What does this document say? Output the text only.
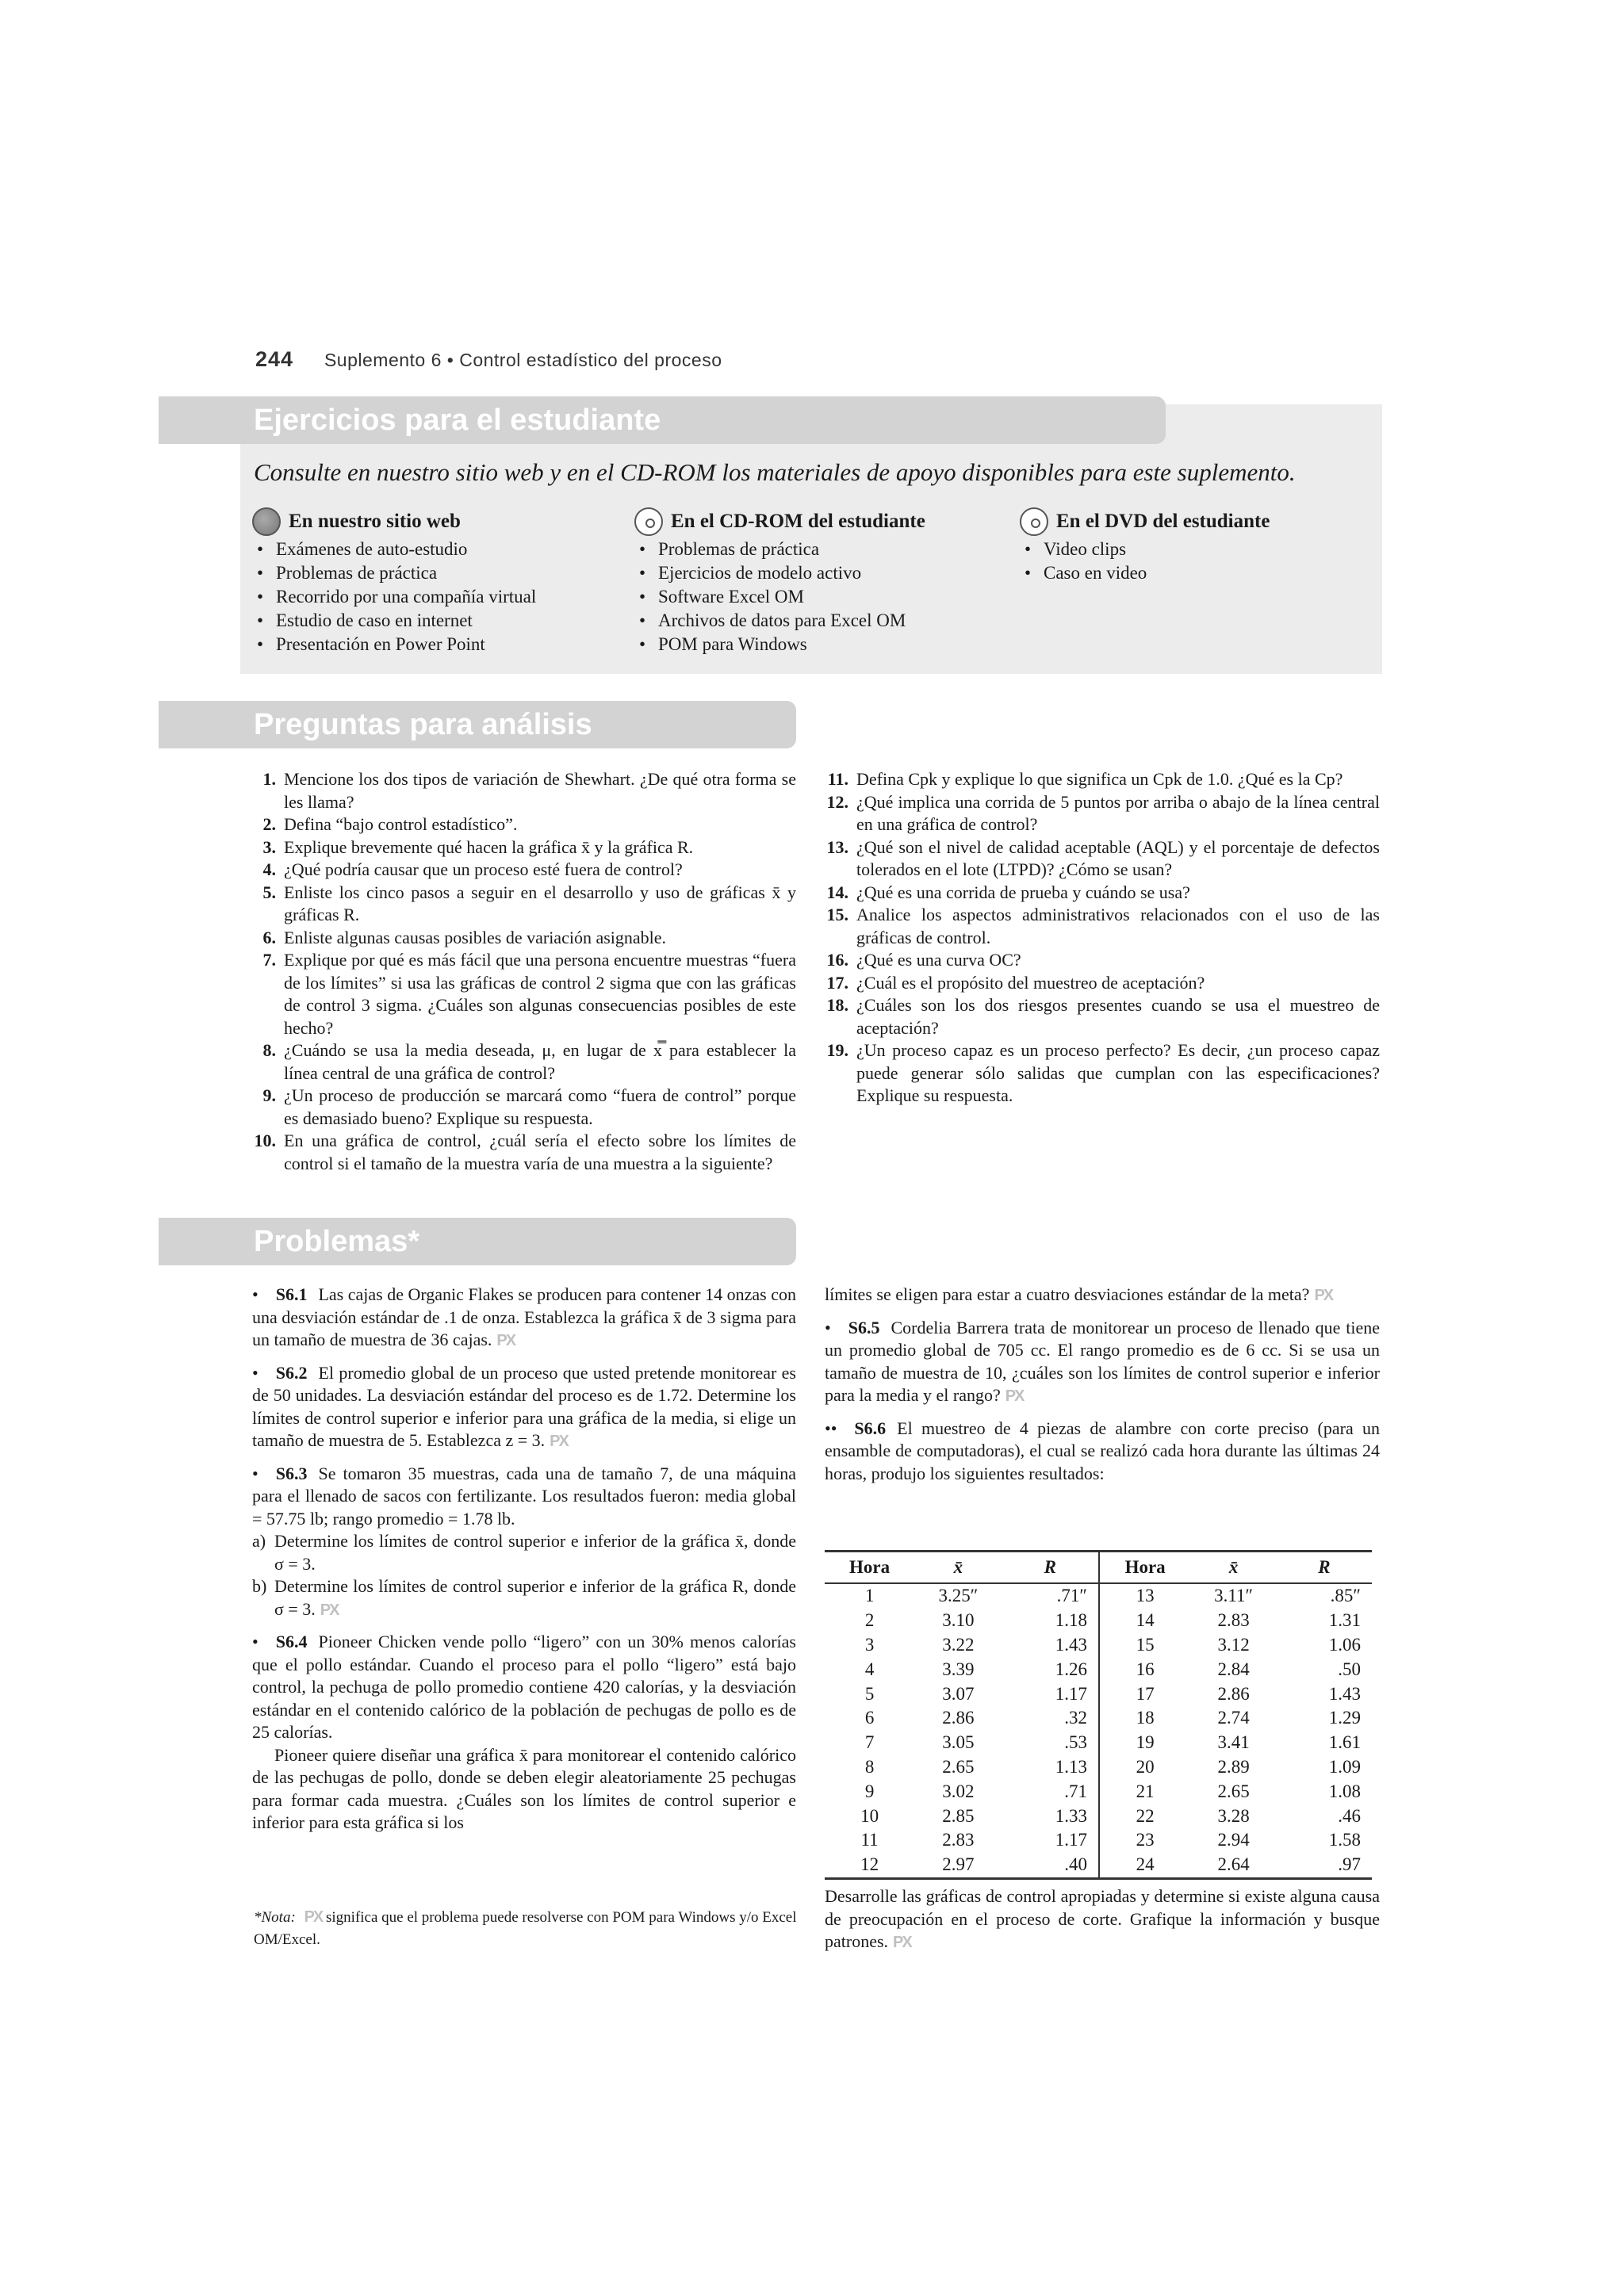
244 Suplemento 6 • Control estadístico del proceso
Ejercicios para el estudiante
Consulte en nuestro sitio web y en el CD-ROM los materiales de apoyo disponibles para este suplemento.
En nuestro sitio web
• Exámenes de auto-estudio
• Problemas de práctica
• Recorrido por una compañía virtual
• Estudio de caso en internet
• Presentación en Power Point
En el CD-ROM del estudiante
• Problemas de práctica
• Ejercicios de modelo activo
• Software Excel OM
• Archivos de datos para Excel OM
• POM para Windows
En el DVD del estudiante
• Video clips
• Caso en video
Preguntas para análisis
1. Mencione los dos tipos de variación de Shewhart. ¿De qué otra forma se les llama?
2. Defina “bajo control estadístico”.
3. Explique brevemente qué hacen la gráfica x̄ y la gráfica R.
4. ¿Qué podría causar que un proceso esté fuera de control?
5. Enliste los cinco pasos a seguir en el desarrollo y uso de gráficas x̄ y gráficas R.
6. Enliste algunas causas posibles de variación asignable.
7. Explique por qué es más fácil que una persona encuentre muestras “fuera de los límites” si usa las gráficas de control 2 sigma que con las gráficas de control 3 sigma. ¿Cuáles son algunas consecuencias posibles de este hecho?
8. ¿Cuándo se usa la media deseada, μ, en lugar de x̿ para establecer la línea central de una gráfica de control?
9. ¿Un proceso de producción se marcará como “fuera de control” porque es demasiado bueno? Explique su respuesta.
10. En una gráfica de control, ¿cuál sería el efecto sobre los límites de control si el tamaño de la muestra varía de una muestra a la siguiente?
11. Defina Cpk y explique lo que significa un Cpk de 1.0. ¿Qué es la Cp?
12. ¿Qué implica una corrida de 5 puntos por arriba o abajo de la línea central en una gráfica de control?
13. ¿Qué son el nivel de calidad aceptable (AQL) y el porcentaje de defectos tolerados en el lote (LTPD)? ¿Cómo se usan?
14. ¿Qué es una corrida de prueba y cuándo se usa?
15. Analice los aspectos administrativos relacionados con el uso de las gráficas de control.
16. ¿Qué es una curva OC?
17. ¿Cuál es el propósito del muestreo de aceptación?
18. ¿Cuáles son los dos riesgos presentes cuando se usa el muestreo de aceptación?
19. ¿Un proceso capaz es un proceso perfecto? Es decir, ¿un proceso capaz puede generar sólo salidas que cumplan con las especificaciones? Explique su respuesta.
Problemas*
• S6.1 Las cajas de Organic Flakes se producen para contener 14 onzas con una desviación estándar de .1 de onza. Establezca la gráfica x̄ de 3 sigma para un tamaño de muestra de 36 cajas. PX
• S6.2 El promedio global de un proceso que usted pretende monitorear es de 50 unidades. La desviación estándar del proceso es de 1.72. Determine los límites de control superior e inferior para una gráfica de la media, si elige un tamaño de muestra de 5. Establezca z = 3. PX
• S6.3 Se tomaron 35 muestras, cada una de tamaño 7, de una máquina para el llenado de sacos con fertilizante. Los resultados fueron: media global = 57.75 lb; rango promedio = 1.78 lb.
a) Determine los límites de control superior e inferior de la gráfica x̄, donde σ = 3.
b) Determine los límites de control superior e inferior de la gráfica R, donde σ = 3. PX
• S6.4 Pioneer Chicken vende pollo “ligero” con un 30% menos calorías que el pollo estándar. Cuando el proceso para el pollo “ligero” está bajo control, la pechuga de pollo promedio contiene 420 calorías, y la desviación estándar en el contenido calórico de la población de pechugas de pollo es de 25 calorías.
Pioneer quiere diseñar una gráfica x̄ para monitorear el contenido calórico de las pechugas de pollo, donde se deben elegir aleatoriamente 25 pechugas para formar cada muestra. ¿Cuáles son los límites de control superior e inferior para esta gráfica si los
límites se eligen para estar a cuatro desviaciones estándar de la meta? PX
• S6.5 Cordelia Barrera trata de monitorear un proceso de llenado que tiene un promedio global de 705 cc. El rango promedio es de 6 cc. Si se usa un tamaño de muestra de 10, ¿cuáles son los límites de control superior e inferior para la media y el rango? PX
•• S6.6 El muestreo de 4 piezas de alambre con corte preciso (para un ensamble de computadoras), el cual se realizó cada hora durante las últimas 24 horas, produjo los siguientes resultados:
Hora	x̄	R	Hora	x̄	R
1	3.25″	.71″	13	3.11″	.85″
2	3.10	1.18	14	2.83	1.31
3	3.22	1.43	15	3.12	1.06
4	3.39	1.26	16	2.84	.50
5	3.07	1.17	17	2.86	1.43
6	2.86	.32	18	2.74	1.29
7	3.05	.53	19	3.41	1.61
8	2.65	1.13	20	2.89	1.09
9	3.02	.71	21	2.65	1.08
10	2.85	1.33	22	3.28	.46
11	2.83	1.17	23	2.94	1.58
12	2.97	.40	24	2.64	.97
Desarrolle las gráficas de control apropiadas y determine si existe alguna causa de preocupación en el proceso de corte. Grafique la información y busque patrones. PX
*Nota: PX significa que el problema puede resolverse con POM para Windows y/o Excel OM/Excel.
